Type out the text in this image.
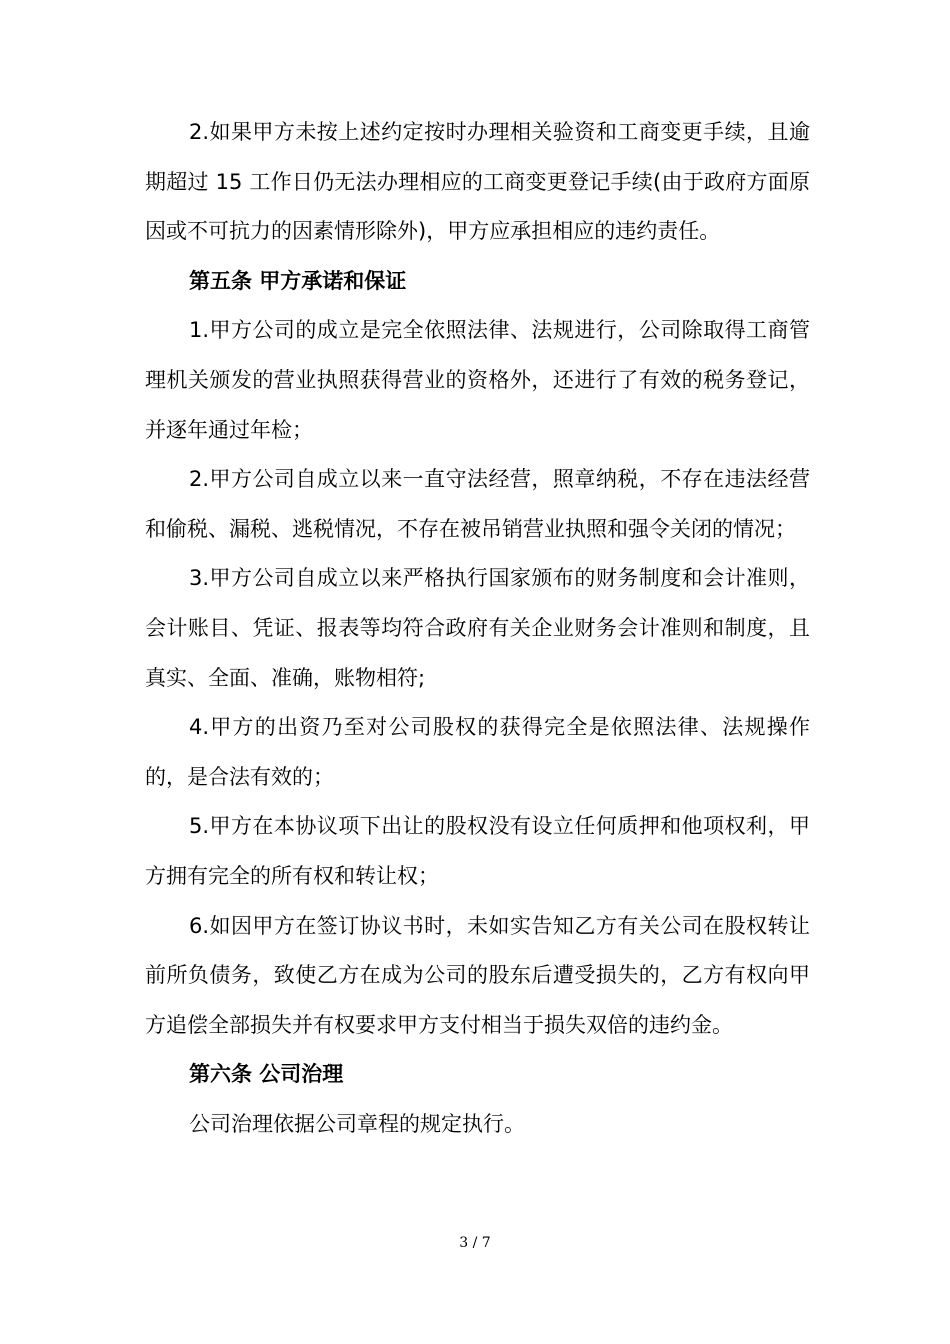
2.如果甲方未按上述约定按时办理相关验资和工商变更手续，且逾期超过 15 工作日仍无法办理相应的工商变更登记手续(由于政府方面原因或不可抗力的因素情形除外)，甲方应承担相应的违约责任。

第五条 甲方承诺和保证

1.甲方公司的成立是完全依照法律、法规进行，公司除取得工商管理机关颁发的营业执照获得营业的资格外，还进行了有效的税务登记，并逐年通过年检；

2.甲方公司自成立以来一直守法经营，照章纳税，不存在违法经营和偷税、漏税、逃税情况，不存在被吊销营业执照和强令关闭的情况；

3.甲方公司自成立以来严格执行国家颁布的财务制度和会计准则，会计账目、凭证、报表等均符合政府有关企业财务会计准则和制度，且真实、全面、准确，账物相符;

4.甲方的出资乃至对公司股权的获得完全是依照法律、法规操作的，是合法有效的；

5.甲方在本协议项下出让的股权没有设立任何质押和他项权利，甲方拥有完全的所有权和转让权；

6.如因甲方在签订协议书时，未如实告知乙方有关公司在股权转让前所负债务，致使乙方在成为公司的股东后遭受损失的，乙方有权向甲方追偿全部损失并有权要求甲方支付相当于损失双倍的违约金。

第六条 公司治理

公司治理依据公司章程的规定执行。

3 / 7
